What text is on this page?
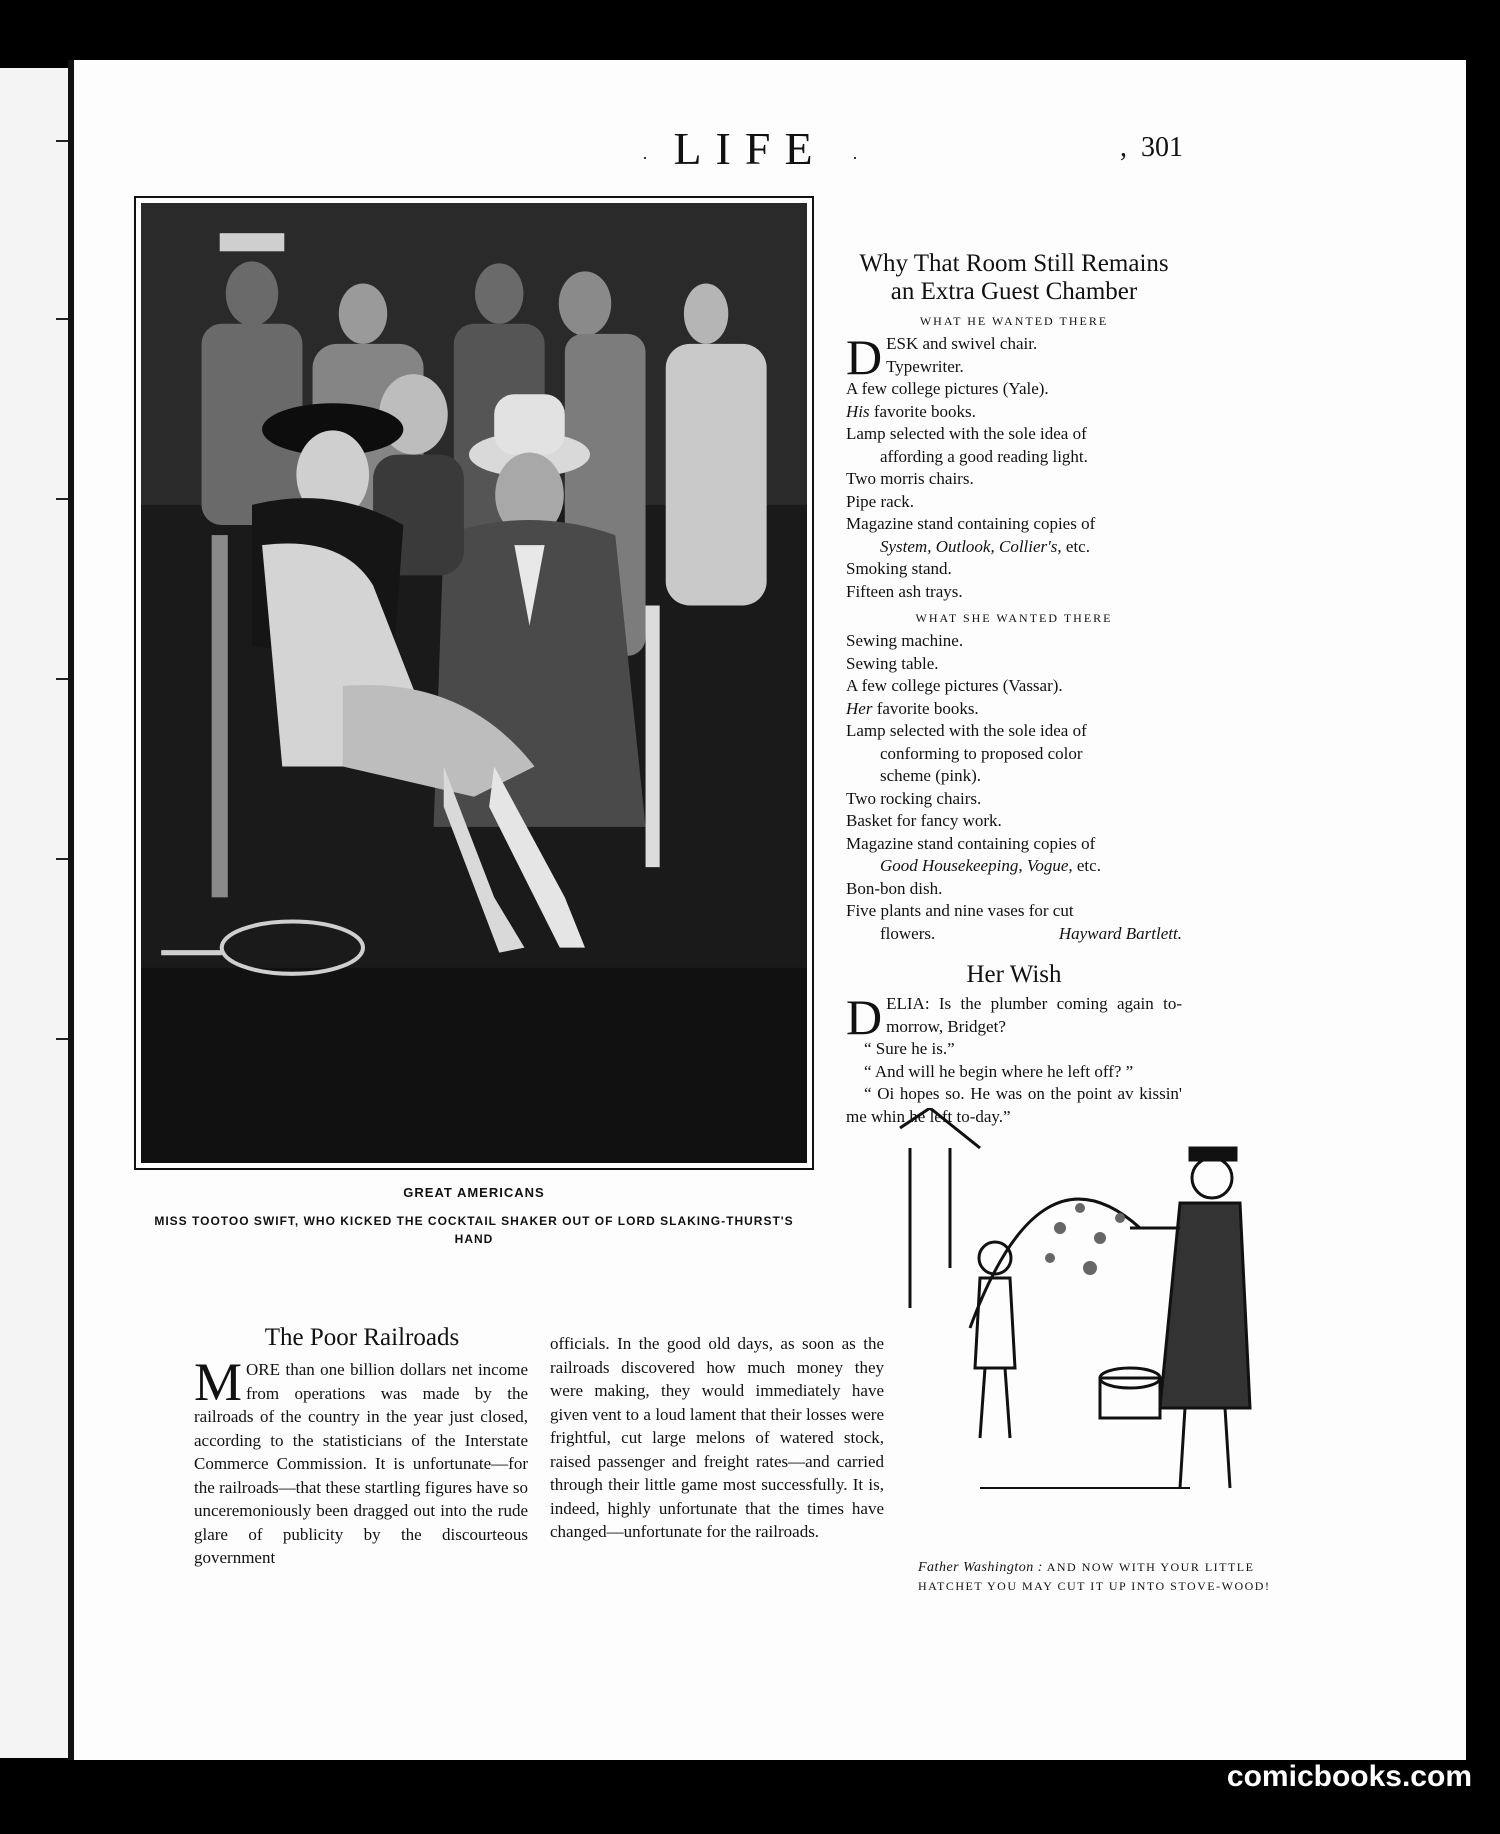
· LIFE ·	, 301
GREAT AMERICANS
MISS TOOTOO SWIFT, WHO KICKED THE COCKTAIL SHAKER OUT OF LORD SLAKING-THURST'S HAND
Why That Room Still Remains
an Extra Guest Chamber
WHAT HE WANTED THERE

DESK and swivel chair.

Typewriter.

A few college pictures (Yale).

His favorite books.

Lamp selected with the sole idea of

affording a good reading light.

Two morris chairs.

Pipe rack.

Magazine stand containing copies of

System, Outlook, Collier's, etc.

Smoking stand.

Fifteen ash trays.

WHAT SHE WANTED THERE

Sewing machine.

Sewing table.

A few college pictures (Vassar).

Her favorite books.

Lamp selected with the sole idea of

conforming to proposed color

scheme (pink).

Two rocking chairs.

Basket for fancy work.

Magazine stand containing copies of

Good Housekeeping, Vogue, etc.

Bon-bon dish.

Five plants and nine vases for cut

flowers.	Hayward Bartlett.

Her Wish

DELIA: Is the plumber coming again to-morrow, Bridget?

“ Sure he is.”

“ And will he begin where he left off? ”

“ Oi hopes so. He was on the point av kissin' me whin he left to-day.”

Father Washington : AND NOW WITH YOUR LITTLE HATCHET YOU MAY CUT IT UP INTO STOVE-WOOD!
The Poor Railroads
MORE than one billion dollars net income from operations was made by the railroads of the country in the year just closed, according to the statisticians of the Interstate Commerce Commission. It is unfortunate—for the railroads—that these startling figures have so unceremoniously been dragged out into the rude glare of publicity by the discourteous government
officials. In the good old days, as soon as the railroads discovered how much money they were making, they would immediately have given vent to a loud lament that their losses were frightful, cut large melons of watered stock, raised passenger and freight rates—and carried through their little game most successfully. It is, indeed, highly unfortunate that the times have changed—unfortunate for the railroads.
comicbooks.com
